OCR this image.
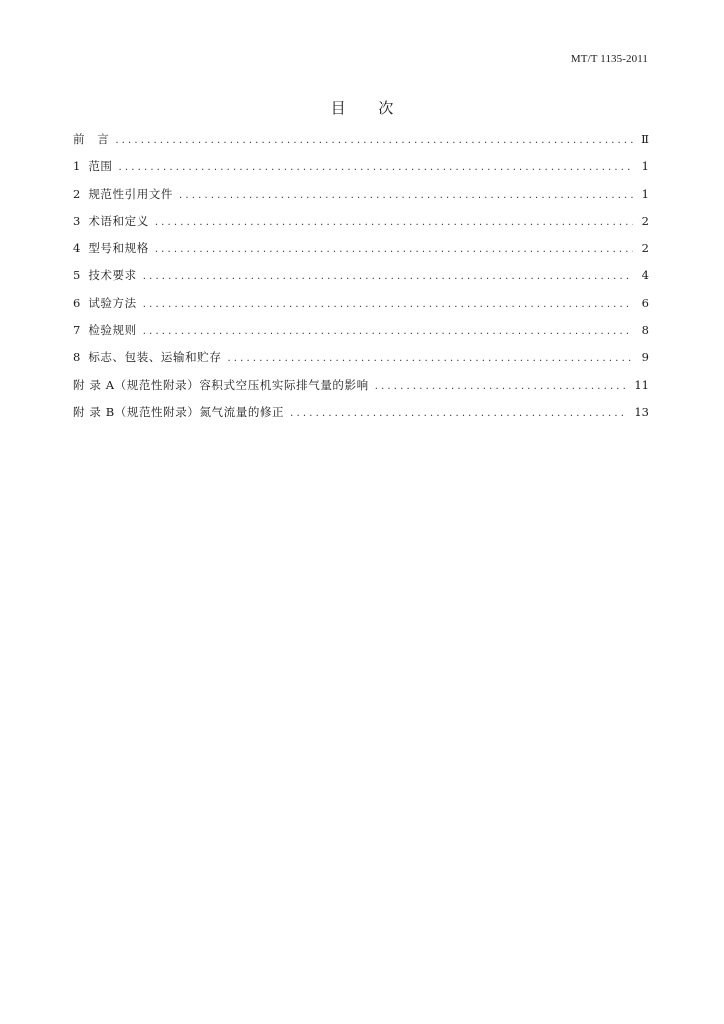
MT/T 1135-2011
目 次
前　言 . . .	Ⅱ
1 范围 . . .	1
2 规范性引用文件 . . .	1
3 术语和定义 . . .	2
4 型号和规格 . . .	2
5 技术要求 . . .	4
6 试验方法 . . .	6
7 检验规则 . . .	8
8 标志、包装、运输和贮存 . . .	9
附 录 A（规范性附录）容积式空压机实际排气量的影响 . . .	11
附 录 B（规范性附录）氮气流量的修正 . . .	13
